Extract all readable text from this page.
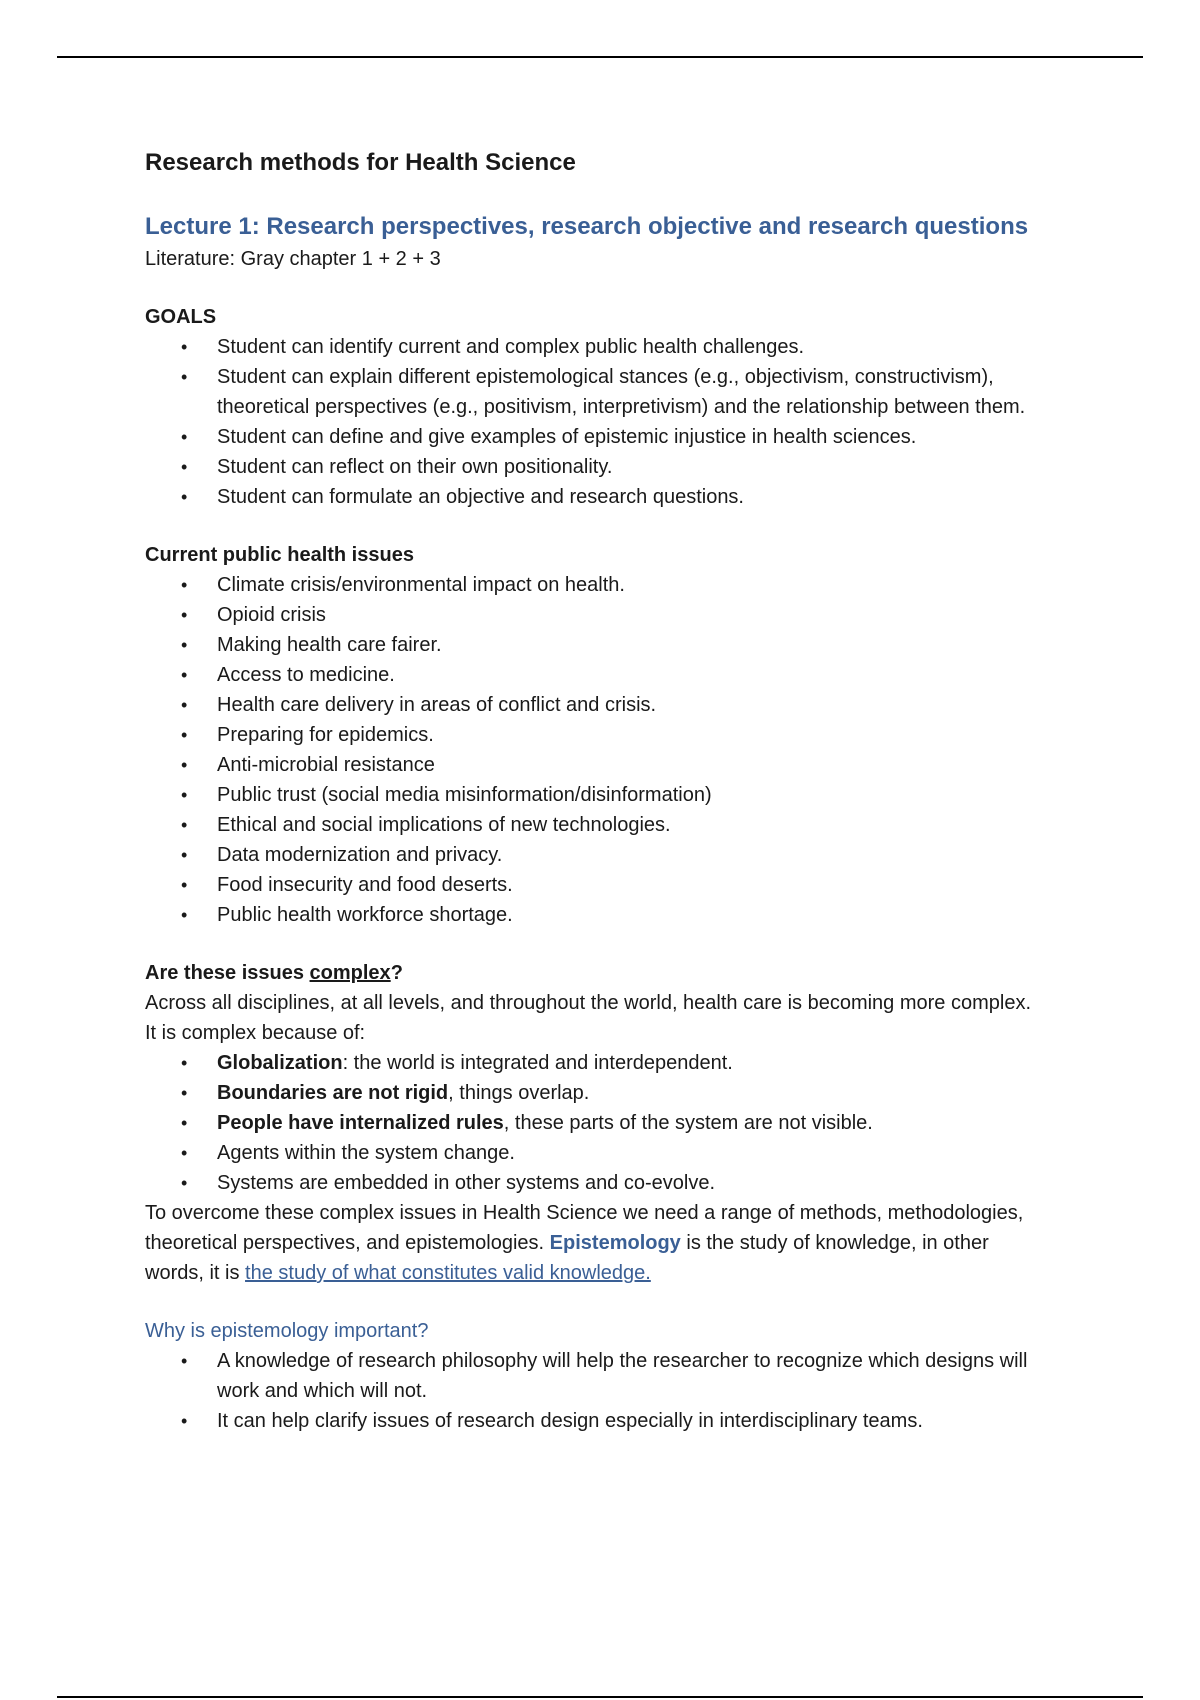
Research methods for Health Science

Lecture 1: Research perspectives, research objective and research questions

Literature: Gray chapter 1 + 2 + 3

GOALS

• Student can identify current and complex public health challenges.
• Student can explain different epistemological stances (e.g., objectivism, constructivism), theoretical perspectives (e.g., positivism, interpretivism) and the relationship between them.
• Student can define and give examples of epistemic injustice in health sciences.
• Student can reflect on their own positionality.
• Student can formulate an objective and research questions.

Current public health issues

• Climate crisis/environmental impact on health.
• Opioid crisis
• Making health care fairer.
• Access to medicine.
• Health care delivery in areas of conflict and crisis.
• Preparing for epidemics.
• Anti-microbial resistance
• Public trust (social media misinformation/disinformation)
• Ethical and social implications of new technologies.
• Data modernization and privacy.
• Food insecurity and food deserts.
• Public health workforce shortage.

Are these issues complex?

Across all disciplines, at all levels, and throughout the world, health care is becoming more complex. It is complex because of:

• Globalization: the world is integrated and interdependent.
• Boundaries are not rigid, things overlap.
• People have internalized rules, these parts of the system are not visible.
• Agents within the system change.
• Systems are embedded in other systems and co-evolve.

To overcome these complex issues in Health Science we need a range of methods, methodologies, theoretical perspectives, and epistemologies. Epistemology is the study of knowledge, in other words, it is the study of what constitutes valid knowledge.

Why is epistemology important?

• A knowledge of research philosophy will help the researcher to recognize which designs will work and which will not.
• It can help clarify issues of research design especially in interdisciplinary teams.
